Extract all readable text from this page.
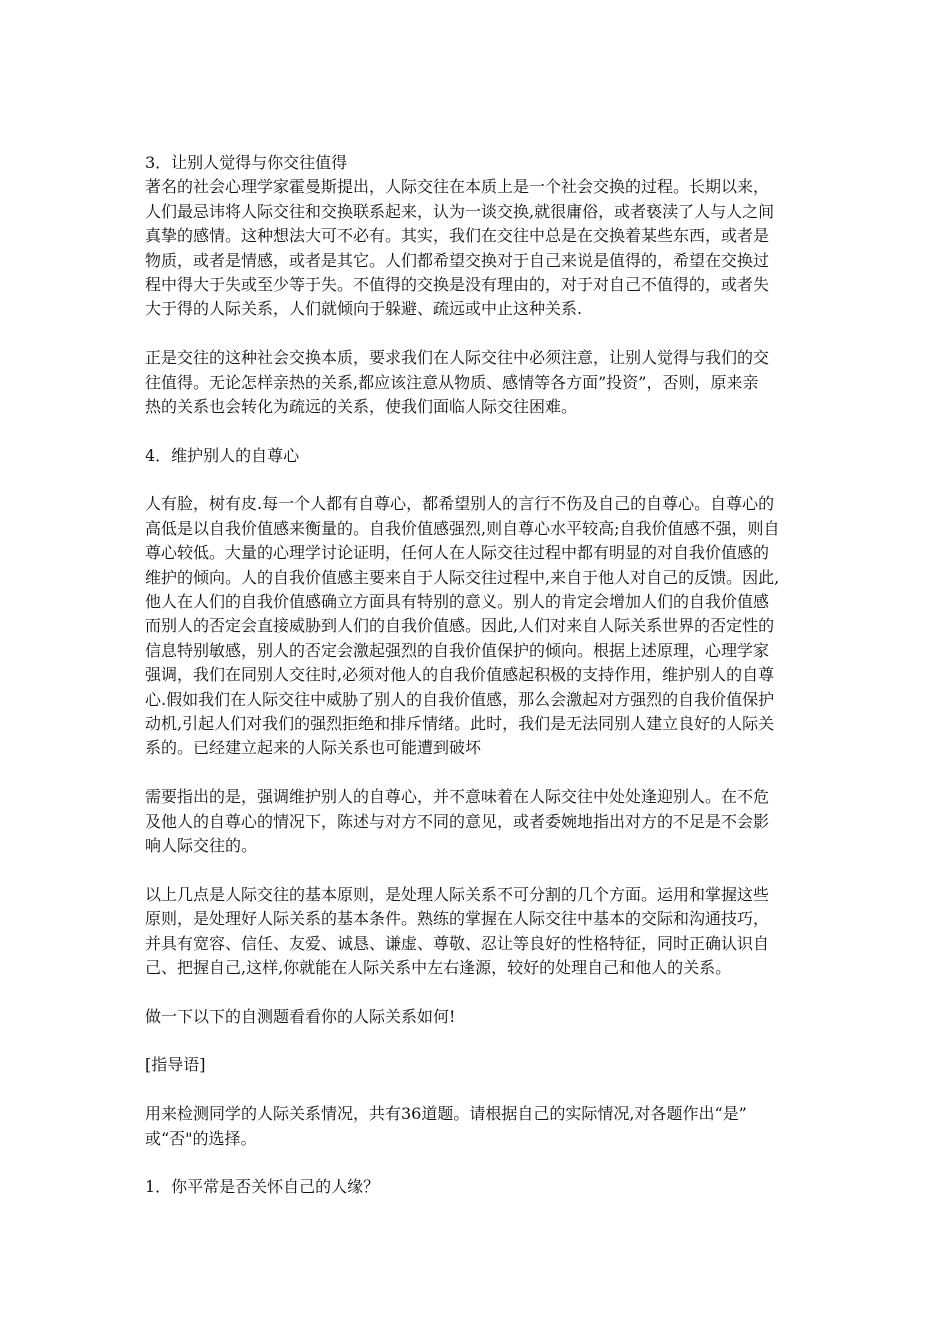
3．让别人觉得与你交往值得
著名的社会心理学家霍曼斯提出，人际交往在本质上是一个社会交换的过程。长期以来，
人们最忌讳将人际交往和交换联系起来，认为一谈交换,就很庸俗，或者亵渎了人与人之间
真挚的感情。这种想法大可不必有。其实，我们在交往中总是在交换着某些东西，或者是
物质，或者是情感，或者是其它。人们都希望交换对于自己来说是值得的，希望在交换过
程中得大于失或至少等于失。不值得的交换是没有理由的，对于对自己不值得的，或者失
大于得的人际关系，人们就倾向于躲避、疏远或中止这种关系.
正是交往的这种社会交换本质，要求我们在人际交往中必须注意，让别人觉得与我们的交
往值得。无论怎样亲热的关系,都应该注意从物质、感情等各方面”投资”，否则，原来亲
热的关系也会转化为疏远的关系，使我们面临人际交往困难。
4．维护别人的自尊心
人有脸，树有皮.每一个人都有自尊心，都希望别人的言行不伤及自己的自尊心。自尊心的
高低是以自我价值感来衡量的。自我价值感强烈,则自尊心水平较高;自我价值感不强，则自
尊心较低。大量的心理学讨论证明，任何人在人际交往过程中都有明显的对自我价值感的
维护的倾向。人的自我价值感主要来自于人际交往过程中,来自于他人对自己的反馈。因此,
他人在人们的自我价值感确立方面具有特别的意义。别人的肯定会增加人们的自我价值感
而别人的否定会直接威胁到人们的自我价值感。因此,人们对来自人际关系世界的否定性的
信息特别敏感，别人的否定会激起强烈的自我价值保护的倾向。根据上述原理，心理学家
强调，我们在同别人交往时,必须对他人的自我价值感起积极的支持作用，维护别人的自尊
心.假如我们在人际交往中威胁了别人的自我价值感，那么会激起对方强烈的自我价值保护
动机,引起人们对我们的强烈拒绝和排斥情绪。此时，我们是无法同别人建立良好的人际关
系的。已经建立起来的人际关系也可能遭到破坏
需要指出的是，强调维护别人的自尊心，并不意味着在人际交往中处处逢迎别人。在不危
及他人的自尊心的情况下，陈述与对方不同的意见，或者委婉地指出对方的不足是不会影
响人际交往的。
以上几点是人际交往的基本原则，是处理人际关系不可分割的几个方面。运用和掌握这些
原则，是处理好人际关系的基本条件。熟练的掌握在人际交往中基本的交际和沟通技巧，
并具有宽容、信任、友爱、诚恳、谦虚、尊敬、忍让等良好的性格特征，同时正确认识自
己、把握自己,这样,你就能在人际关系中左右逢源，较好的处理自己和他人的关系。
做一下以下的自测题看看你的人际关系如何!
[指导语]
用来检测同学的人际关系情况，共有36道题。请根据自己的实际情况,对各题作出“是”
或“否"的选择。
1．你平常是否关怀自己的人缘？
